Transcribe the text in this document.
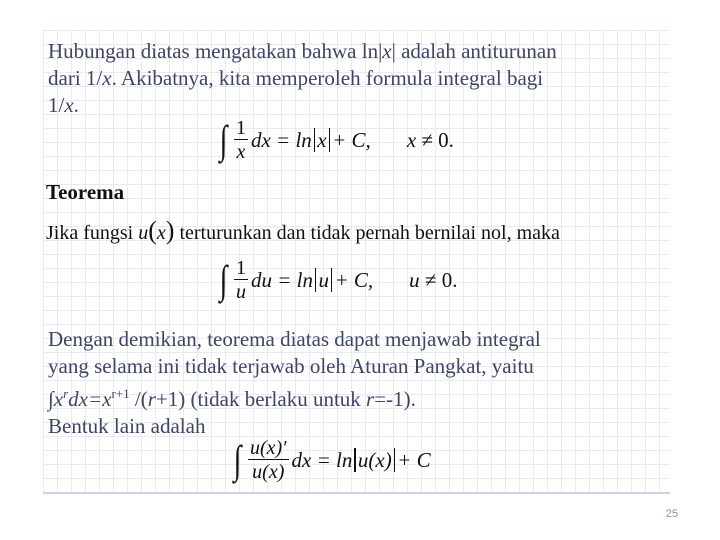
Hubungan diatas mengatakan bahwa ln|x| adalah antiturunan
dari 1/x. Akibatnya, kita memperoleh formula integral bagi
1/x.

∫ $\frac{1}{x}$ dx = ln x + C, x
≠ 0.
Teorema
Jika fungsi u(x) terturunkan dan tidak pernah bernilai nol, maka
∫ $\frac{1}{u}$ du = ln u + C, u
≠ 0.

Dengan demikian, teorema diatas dapat menjawab integral
yang selama ini tidak terjawab oleh Aturan Pangkat, yaitu
$\int x^rdx=x^{r+1}$ /(r+1) (tidak berlaku untuk r=-1).
Bentuk lain adalah

∫ $\frac{u(x)'}{u(x)}$ dx = ln u(x) + C
25
